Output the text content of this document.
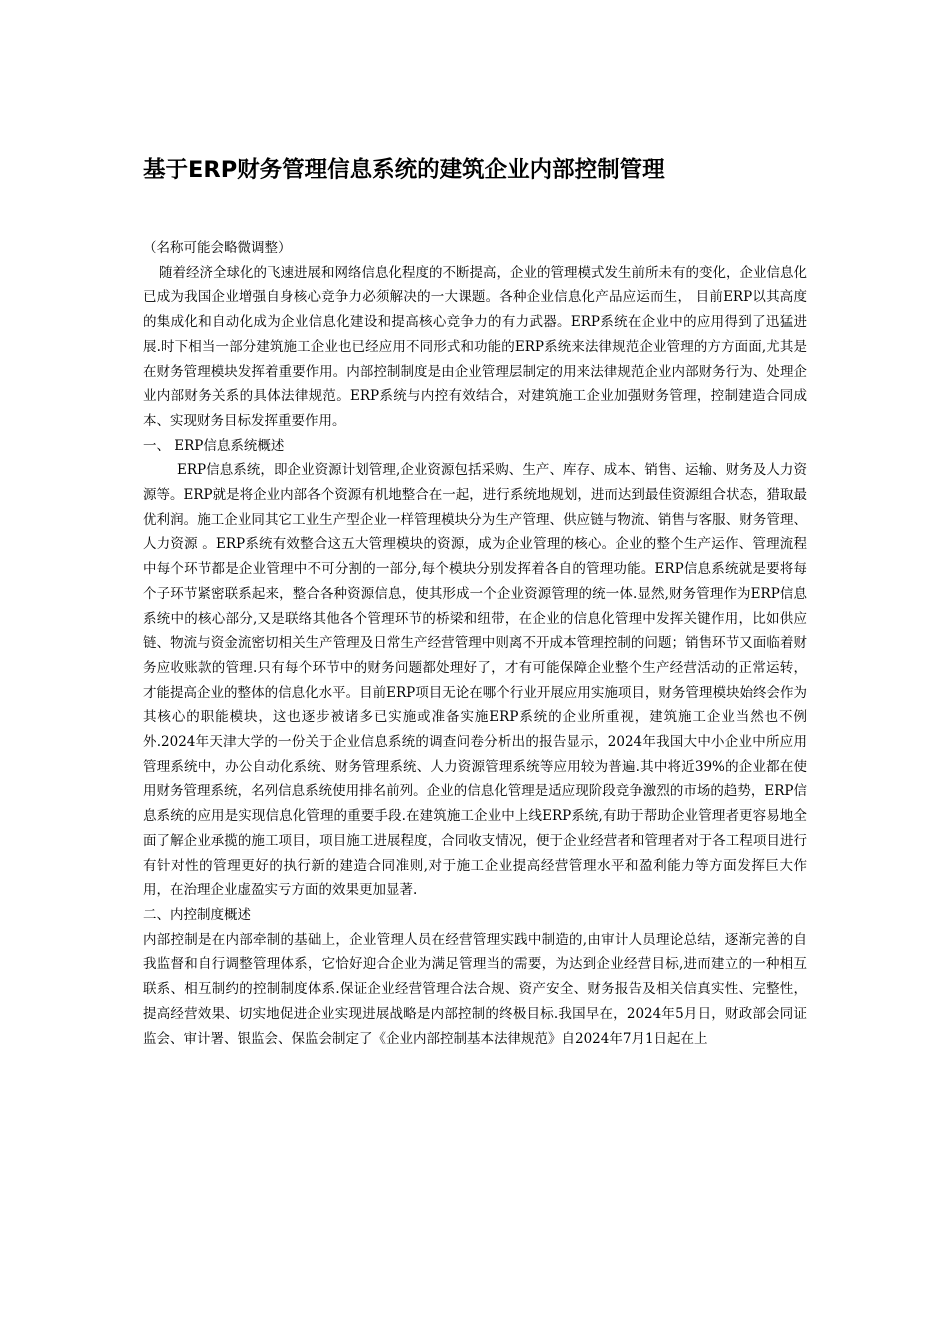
基于ERP财务管理信息系统的建筑企业内部控制管理

（名称可能会略微调整）

随着经济全球化的飞速进展和网络信息化程度的不断提高，企业的管理模式发生前所未有的变化，企业信息化已成为我国企业增强自身核心竞争力必须解决的一大课题。各种企业信息化产品应运而生， 目前ERP以其高度的集成化和自动化成为企业信息化建设和提高核心竞争力的有力武器。ERP系统在企业中的应用得到了迅猛进展.时下相当一部分建筑施工企业也已经应用不同形式和功能的ERP系统来法律规范企业管理的方方面面,尤其是在财务管理模块发挥着重要作用。内部控制制度是由企业管理层制定的用来法律规范企业内部财务行为、处理企业内部财务关系的具体法律规范。ERP系统与内控有效结合，对建筑施工企业加强财务管理，控制建造合同成本、实现财务目标发挥重要作用。

一、 ERP信息系统概述

ERP信息系统，即企业资源计划管理,企业资源包括采购、生产、库存、成本、销售、运输、财务及人力资源等。ERP就是将企业内部各个资源有机地整合在一起，进行系统地规划，进而达到最佳资源组合状态，猎取最优利润。施工企业同其它工业生产型企业一样管理模块分为生产管理、供应链与物流、销售与客服、财务管理、人力资源 。ERP系统有效整合这五大管理模块的资源，成为企业管理的核心。企业的整个生产运作、管理流程中每个环节都是企业管理中不可分割的一部分,每个模块分别发挥着各自的管理功能。ERP信息系统就是要将每个子环节紧密联系起来，整合各种资源信息，使其形成一个企业资源管理的统一体.显然,财务管理作为ERP信息系统中的核心部分,又是联络其他各个管理环节的桥梁和纽带，在企业的信息化管理中发挥关键作用，比如供应链、物流与资金流密切相关生产管理及日常生产经营管理中则离不开成本管理控制的问题；销售环节又面临着财务应收账款的管理.只有每个环节中的财务问题都处理好了，才有可能保障企业整个生产经营活动的正常运转，才能提高企业的整体的信息化水平。目前ERP项目无论在哪个行业开展应用实施项目，财务管理模块始终会作为其核心的职能模块，这也逐步被诸多已实施或准备实施ERP系统的企业所重视，建筑施工企业当然也不例外.2024年天津大学的一份关于企业信息系统的调查问卷分析出的报告显示，2024年我国大中小企业中所应用管理系统中，办公自动化系统、财务管理系统、人力资源管理系统等应用较为普遍.其中将近39%的企业都在使用财务管理系统，名列信息系统使用排名前列。企业的信息化管理是适应现阶段竞争激烈的市场的趋势，ERP信息系统的应用是实现信息化管理的重要手段.在建筑施工企业中上线ERP系统,有助于帮助企业管理者更容易地全面了解企业承揽的施工项目，项目施工进展程度，合同收支情况，便于企业经营者和管理者对于各工程项目进行有针对性的管理更好的执行新的建造合同准则,对于施工企业提高经营管理水平和盈利能力等方面发挥巨大作用，在治理企业虚盈实亏方面的效果更加显著.

二、内控制度概述

内部控制是在内部牵制的基础上，企业管理人员在经营管理实践中制造的,由审计人员理论总结，逐渐完善的自我监督和自行调整管理体系，它恰好迎合企业为满足管理当的需要，为达到企业经营目标,进而建立的一种相互联系、相互制约的控制制度体系.保证企业经营管理合法合规、资产安全、财务报告及相关信真实性、完整性，提高经营效果、切实地促进企业实现进展战略是内部控制的终极目标.我国早在，2024年5月日，财政部会同证监会、审计署、银监会、保监会制定了《企业内部控制基本法律规范》自2024年7月1日起在上
